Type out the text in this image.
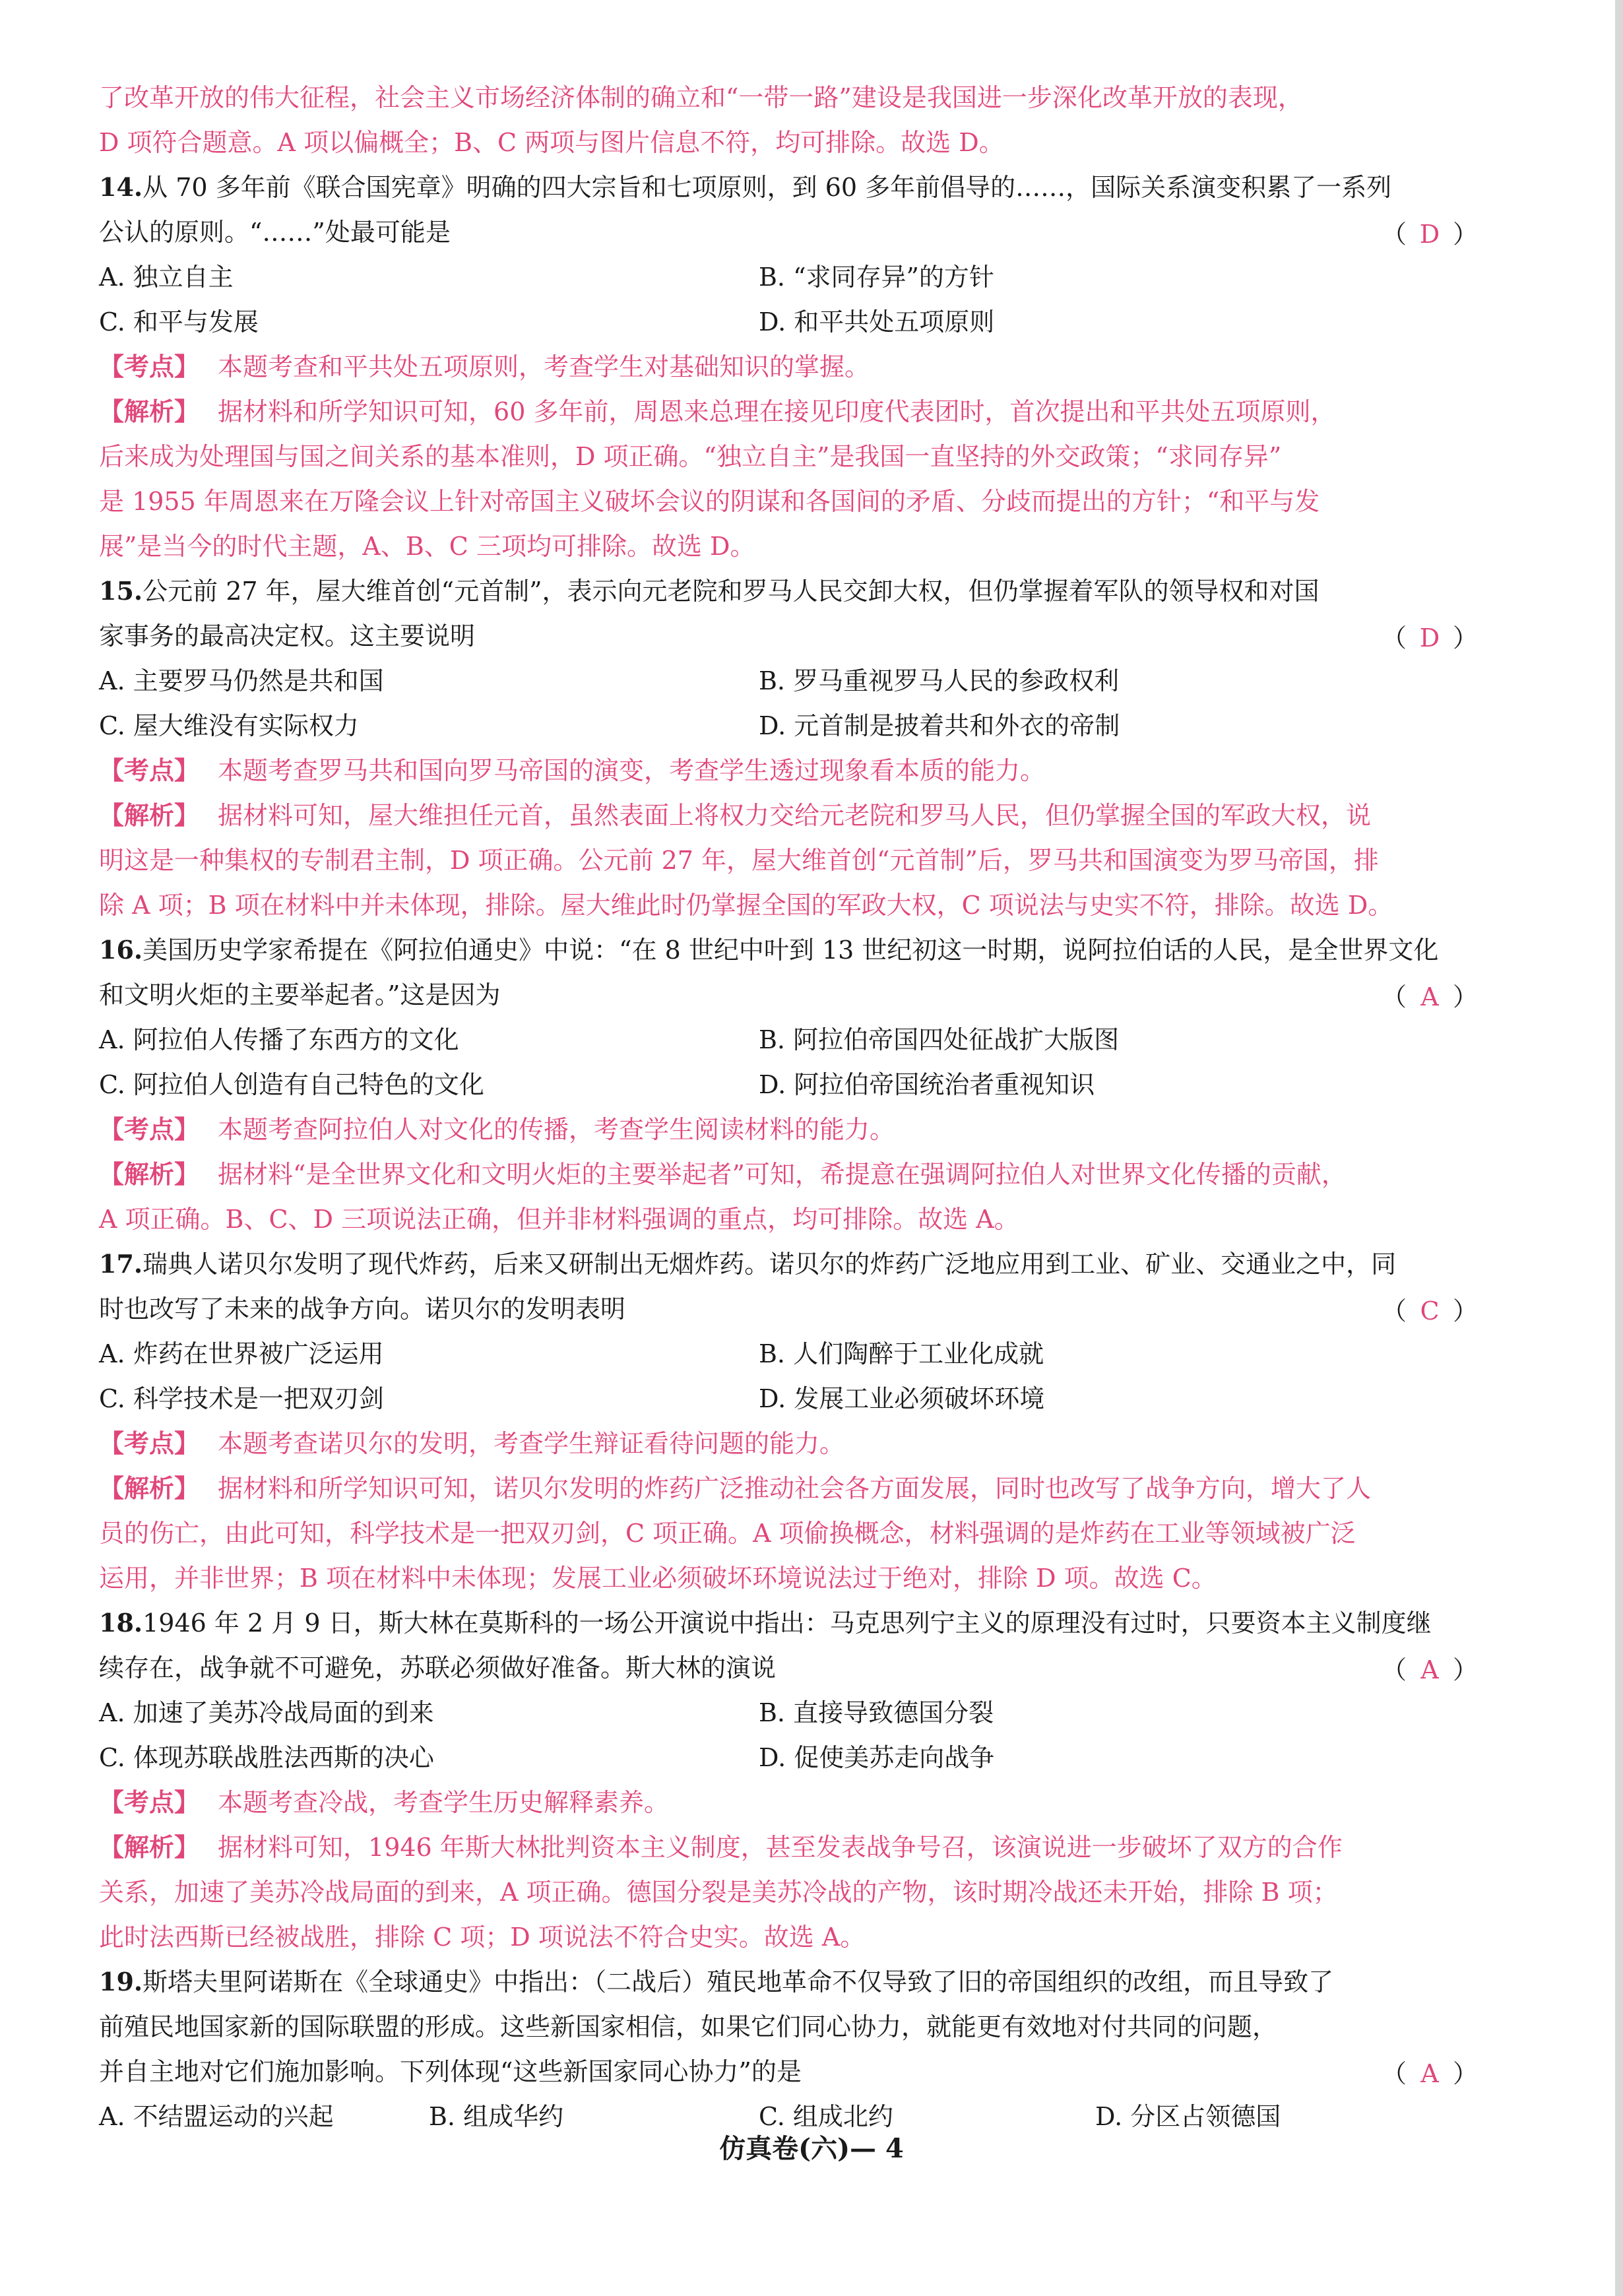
了改革开放的伟大征程，社会主义市场经济体制的确立和“一带一路”建设是我国进一步深化改革开放的表现，
D 项符合题意。A 项以偏概全；B、C 两项与图片信息不符，均可排除。故选 D。
14.从 70 多年前《联合国宪章》明确的四大宗旨和七项原则，到 60 多年前倡导的……，国际关系演变积累了一系列
公认的原则。“……”处最可能是	（ D ）
A. 独立自主	B. “求同存异”的方针
C. 和平与发展	D. 和平共处五项原则
【考点】 本题考查和平共处五项原则，考查学生对基础知识的掌握。
【解析】 据材料和所学知识可知，60 多年前，周恩来总理在接见印度代表团时，首次提出和平共处五项原则，
后来成为处理国与国之间关系的基本准则，D 项正确。“独立自主”是我国一直坚持的外交政策；“求同存异”
是 1955 年周恩来在万隆会议上针对帝国主义破坏会议的阴谋和各国间的矛盾、分歧而提出的方针；“和平与发
展”是当今的时代主题，A、B、C 三项均可排除。故选 D。
15.公元前 27 年，屋大维首创“元首制”，表示向元老院和罗马人民交卸大权，但仍掌握着军队的领导权和对国
家事务的最高决定权。这主要说明	（ D ）
A. 主要罗马仍然是共和国	B. 罗马重视罗马人民的参政权利
C. 屋大维没有实际权力	D. 元首制是披着共和外衣的帝制
【考点】 本题考查罗马共和国向罗马帝国的演变，考查学生透过现象看本质的能力。
【解析】 据材料可知，屋大维担任元首，虽然表面上将权力交给元老院和罗马人民，但仍掌握全国的军政大权，说
明这是一种集权的专制君主制，D 项正确。公元前 27 年，屋大维首创“元首制”后，罗马共和国演变为罗马帝国，排
除 A 项；B 项在材料中并未体现，排除。屋大维此时仍掌握全国的军政大权，C 项说法与史实不符，排除。故选 D。
16.美国历史学家希提在《阿拉伯通史》中说：“在 8 世纪中叶到 13 世纪初这一时期，说阿拉伯话的人民，是全世界文化
和文明火炬的主要举起者。”这是因为	（ A ）
A. 阿拉伯人传播了东西方的文化	B. 阿拉伯帝国四处征战扩大版图
C. 阿拉伯人创造有自己特色的文化	D. 阿拉伯帝国统治者重视知识
【考点】 本题考查阿拉伯人对文化的传播，考查学生阅读材料的能力。
【解析】 据材料“是全世界文化和文明火炬的主要举起者”可知，希提意在强调阿拉伯人对世界文化传播的贡献，
A 项正确。B、C、D 三项说法正确，但并非材料强调的重点，均可排除。故选 A。
17.瑞典人诺贝尔发明了现代炸药，后来又研制出无烟炸药。诺贝尔的炸药广泛地应用到工业、矿业、交通业之中，同
时也改写了未来的战争方向。诺贝尔的发明表明	（ C ）
A. 炸药在世界被广泛运用	B. 人们陶醉于工业化成就
C. 科学技术是一把双刃剑	D. 发展工业必须破坏环境
【考点】 本题考查诺贝尔的发明，考查学生辩证看待问题的能力。
【解析】 据材料和所学知识可知，诺贝尔发明的炸药广泛推动社会各方面发展，同时也改写了战争方向，增大了人
员的伤亡，由此可知，科学技术是一把双刃剑，C 项正确。A 项偷换概念，材料强调的是炸药在工业等领域被广泛
运用，并非世界；B 项在材料中未体现；发展工业必须破坏环境说法过于绝对，排除 D 项。故选 C。
18.1946 年 2 月 9 日，斯大林在莫斯科的一场公开演说中指出：马克思列宁主义的原理没有过时，只要资本主义制度继
续存在，战争就不可避免，苏联必须做好准备。斯大林的演说	（ A ）
A. 加速了美苏冷战局面的到来	B. 直接导致德国分裂
C. 体现苏联战胜法西斯的决心	D. 促使美苏走向战争
【考点】 本题考查冷战，考查学生历史解释素养。
【解析】 据材料可知，1946 年斯大林批判资本主义制度，甚至发表战争号召，该演说进一步破坏了双方的合作
关系，加速了美苏冷战局面的到来，A 项正确。德国分裂是美苏冷战的产物，该时期冷战还未开始，排除 B 项；
此时法西斯已经被战胜，排除 C 项；D 项说法不符合史实。故选 A。
19.斯塔夫里阿诺斯在《全球通史》中指出：（二战后）殖民地革命不仅导致了旧的帝国组织的改组，而且导致了
前殖民地国家新的国际联盟的形成。这些新国家相信，如果它们同心协力，就能更有效地对付共同的问题，
并自主地对它们施加影响。下列体现“这些新国家同心协力”的是	（ A ）
A. 不结盟运动的兴起	B. 组成华约	C. 组成北约	D. 分区占领德国
仿真卷(六)— 4
